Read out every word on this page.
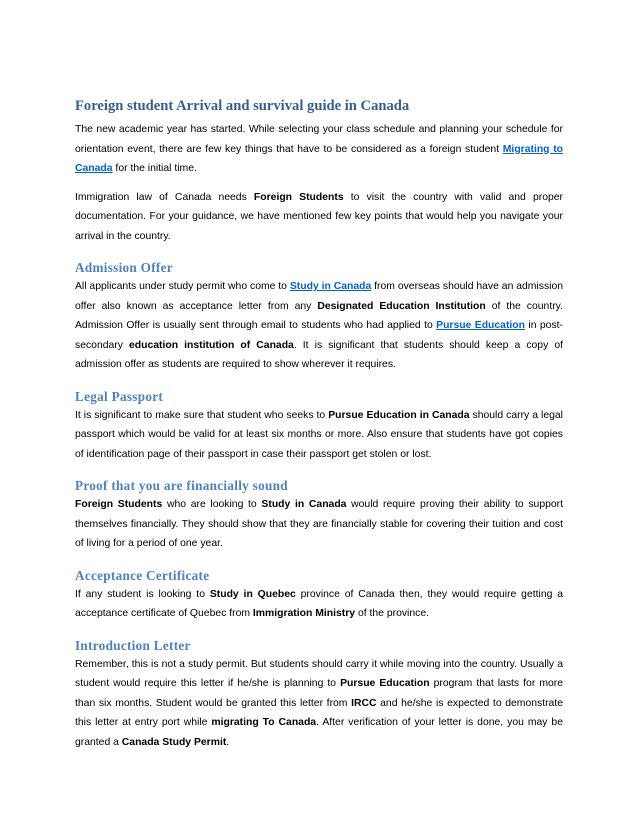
Foreign student Arrival and survival guide in Canada

The new academic year has started. While selecting your class schedule and planning your schedule for orientation event, there are few key things that have to be considered as a foreign student Migrating to Canada for the initial time.

Immigration law of Canada needs Foreign Students to visit the country with valid and proper documentation. For your guidance, we have mentioned few key points that would help you navigate your arrival in the country.

Admission Offer

All applicants under study permit who come to Study in Canada from overseas should have an admission offer also known as acceptance letter from any Designated Education Institution of the country. Admission Offer is usually sent through email to students who had applied to Pursue Education in post-secondary education institution of Canada. It is significant that students should keep a copy of admission offer as students are required to show wherever it requires.

Legal Passport

It is significant to make sure that student who seeks to Pursue Education in Canada should carry a legal passport which would be valid for at least six months or more. Also ensure that students have got copies of identification page of their passport in case their passport get stolen or lost.

Proof that you are financially sound

Foreign Students who are looking to Study in Canada would require proving their ability to support themselves financially. They should show that they are financially stable for covering their tuition and cost of living for a period of one year.

Acceptance Certificate

If any student is looking to Study in Quebec province of Canada then, they would require getting a acceptance certificate of Quebec from Immigration Ministry of the province.

Introduction Letter

Remember, this is not a study permit. But students should carry it while moving into the country. Usually a student would require this letter if he/she is planning to Pursue Education program that lasts for more than six months. Student would be granted this letter from IRCC and he/she is expected to demonstrate this letter at entry port while migrating To Canada. After verification of your letter is done, you may be granted a Canada Study Permit.
